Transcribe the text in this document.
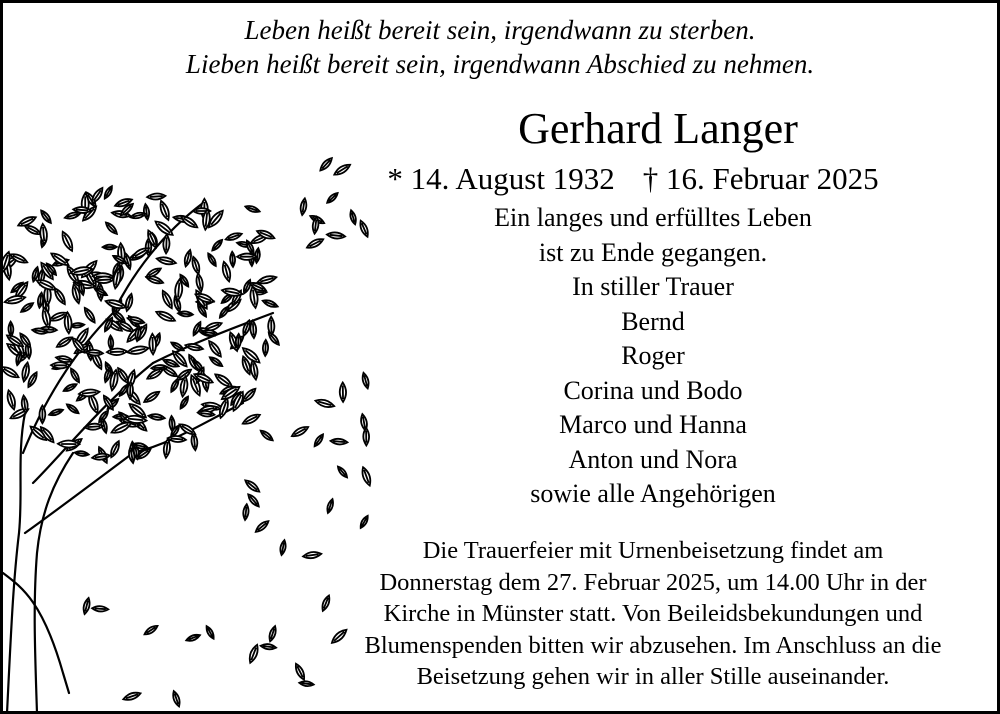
Leben heißt bereit sein, irgendwann zu sterben.
Lieben heißt bereit sein, irgendwann Abschied zu nehmen.
Gerhard Langer
* 14. August 1932 † 16. Februar 2025
Ein langes und erfülltes Leben
ist zu Ende gegangen.
In stiller Trauer
Bernd
Roger
Corina und Bodo
Marco und Hanna
Anton und Nora
sowie alle Angehörigen
Die Trauerfeier mit Urnenbeisetzung findet am
Donnerstag dem 27. Februar 2025, um 14.00 Uhr in der
Kirche in Münster statt. Von Beileidsbekundungen und
Blumenspenden bitten wir abzusehen. Im Anschluss an die
Beisetzung gehen wir in aller Stille auseinander.
